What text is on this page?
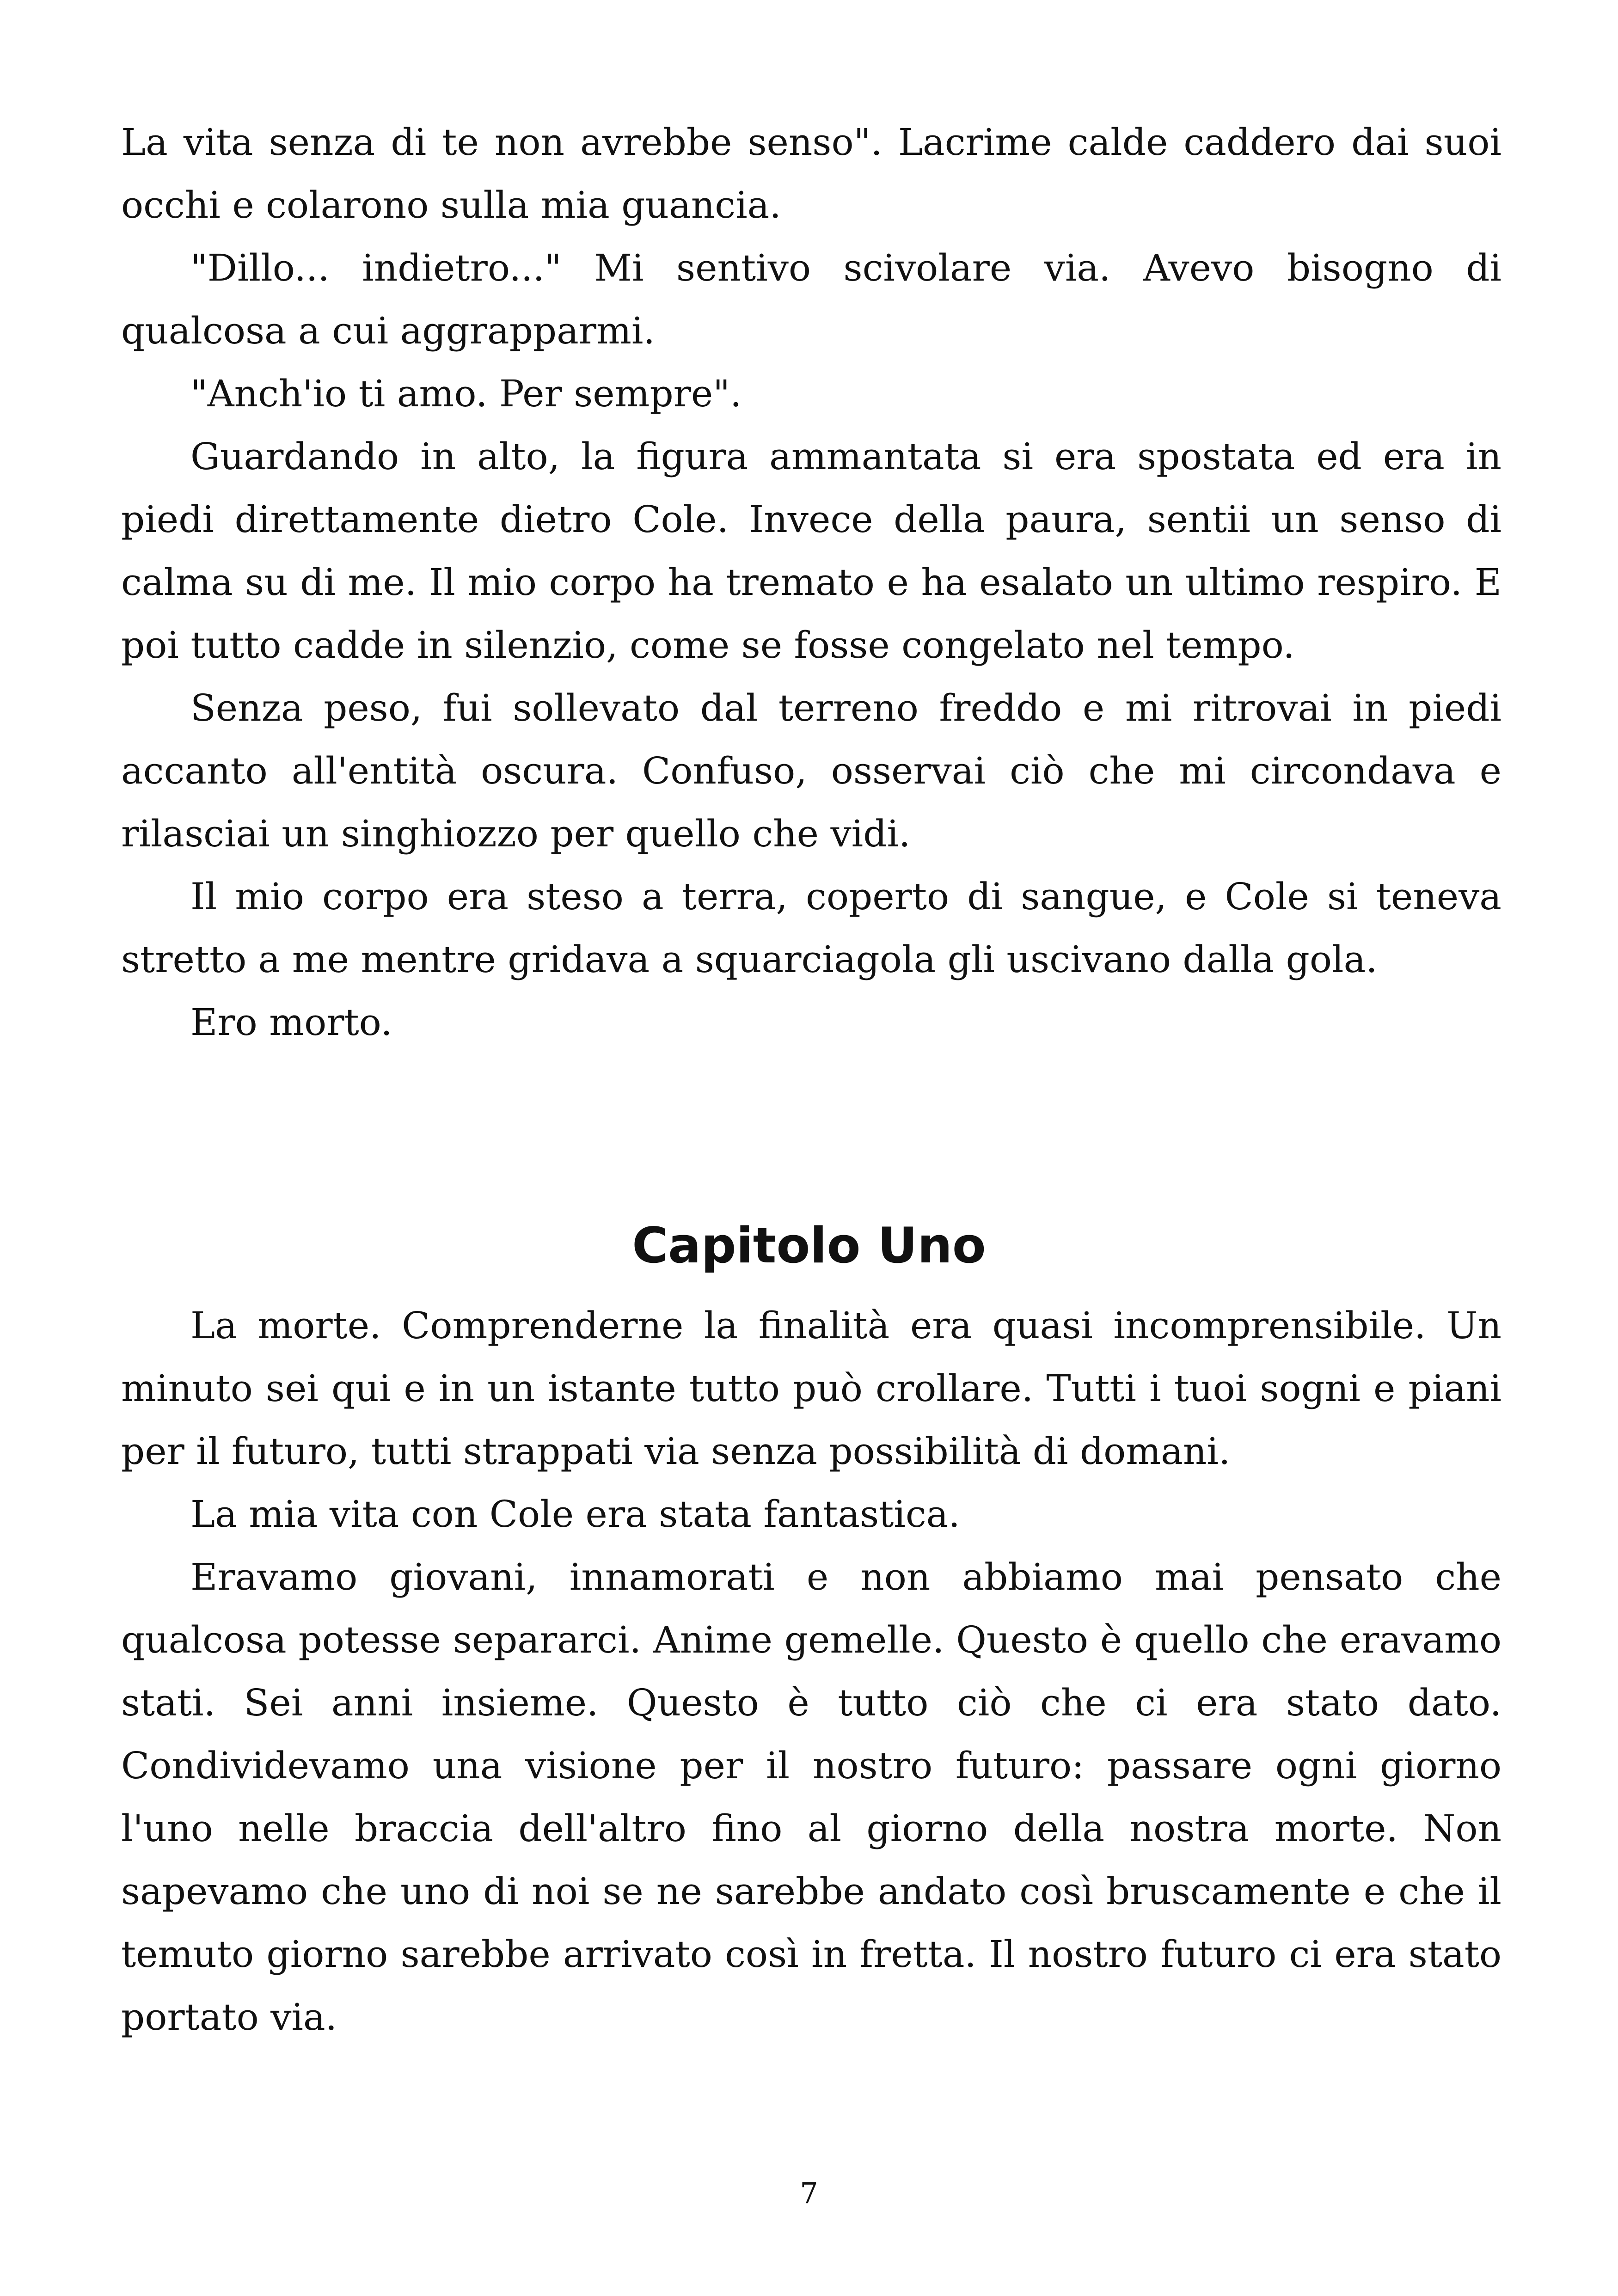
La vita senza di te non avrebbe senso". Lacrime calde caddero dai suoi occhi e colarono sulla mia guancia.

"Dillo... indietro..." Mi sentivo scivolare via. Avevo bisogno di qualcosa a cui aggrapparmi.

"Anch'io ti amo. Per sempre".

Guardando in alto, la figura ammantata si era spostata ed era in piedi direttamente dietro Cole. Invece della paura, sentii un senso di calma su di me. Il mio corpo ha tremato e ha esalato un ultimo respiro. E poi tutto cadde in silenzio, come se fosse congelato nel tempo.

Senza peso, fui sollevato dal terreno freddo e mi ritrovai in piedi accanto all'entità oscura. Confuso, osservai ciò che mi circondava e rilasciai un singhiozzo per quello che vidi.

Il mio corpo era steso a terra, coperto di sangue, e Cole si teneva stretto a me mentre gridava a squarciagola gli uscivano dalla gola.

Ero morto.

Capitolo Uno

La morte. Comprenderne la finalità era quasi incomprensibile. Un minuto sei qui e in un istante tutto può crollare. Tutti i tuoi sogni e piani per il futuro, tutti strappati via senza possibilità di domani.

La mia vita con Cole era stata fantastica.

Eravamo giovani, innamorati e non abbiamo mai pensato che qualcosa potesse separarci. Anime gemelle. Questo è quello che eravamo stati. Sei anni insieme. Questo è tutto ciò che ci era stato dato. Condividevamo una visione per il nostro futuro: passare ogni giorno l'uno nelle braccia dell'altro fino al giorno della nostra morte. Non sapevamo che uno di noi se ne sarebbe andato così bruscamente e che il temuto giorno sarebbe arrivato così in fretta. Il nostro futuro ci era stato portato via.

7
